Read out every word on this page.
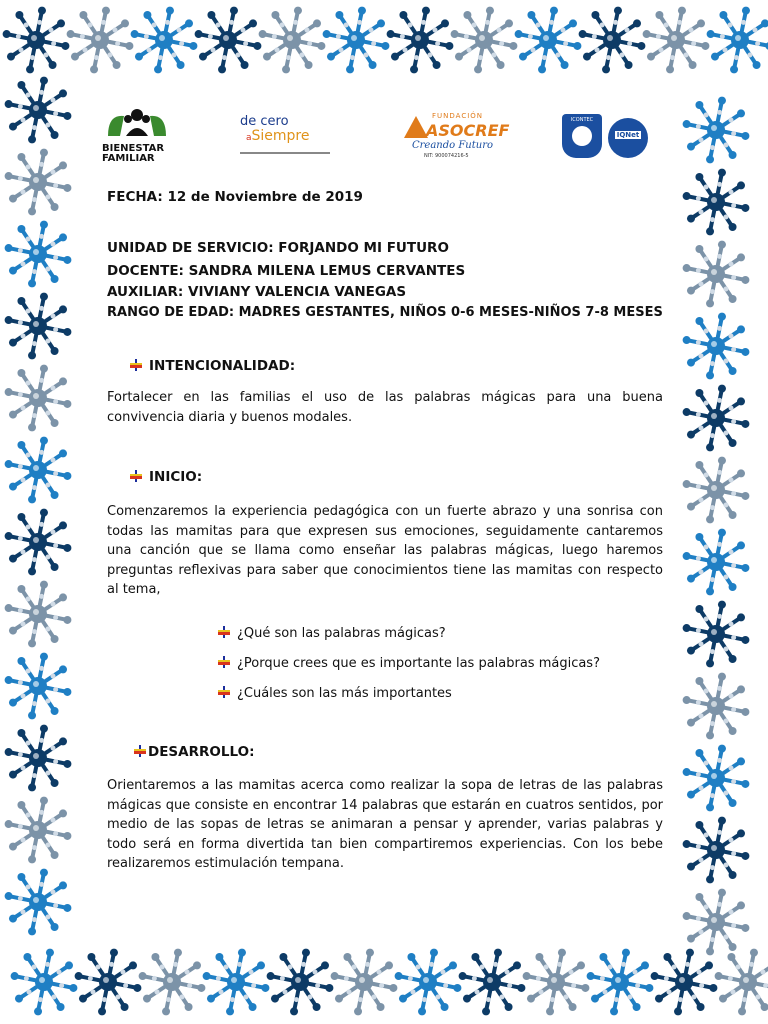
BIENESTAR
FAMILIAR
de cero
aSiempre
FUNDACIÓN
ASOCREF
Creando Futuro
NIT: 900074216-5
ICONTEC
IQNet
FECHA: 12 de Noviembre de 2019
UNIDAD DE SERVICIO: FORJANDO MI FUTURO
DOCENTE: SANDRA MILENA LEMUS CERVANTES
AUXILIAR: VIVIANY VALENCIA VANEGAS
RANGO DE EDAD: MADRES GESTANTES, NIÑOS 0-6 MESES-NIÑOS 7-8 MESES
INTENCIONALIDAD:
Fortalecer en las familias el uso de las palabras mágicas para una buena convivencia diaria y buenos modales.
INICIO:
Comenzaremos la experiencia pedagógica con un fuerte abrazo y una sonrisa con todas las mamitas para que expresen sus emociones, seguidamente cantaremos una canción que se llama como enseñar las palabras mágicas, luego haremos preguntas reflexivas para saber que conocimientos tiene las mamitas con respecto al tema,
¿Qué son las palabras mágicas?
¿Porque crees que es importante las palabras mágicas?
¿Cuáles son las más importantes
DESARROLLO:
Orientaremos a las mamitas acerca como realizar la sopa de letras de las palabras mágicas que consiste en encontrar 14 palabras que estarán en cuatros sentidos, por medio de las sopas de letras se animaran a pensar y aprender, varias palabras y todo será en forma divertida tan bien compartiremos experiencias. Con los bebe realizaremos estimulación tempana.
